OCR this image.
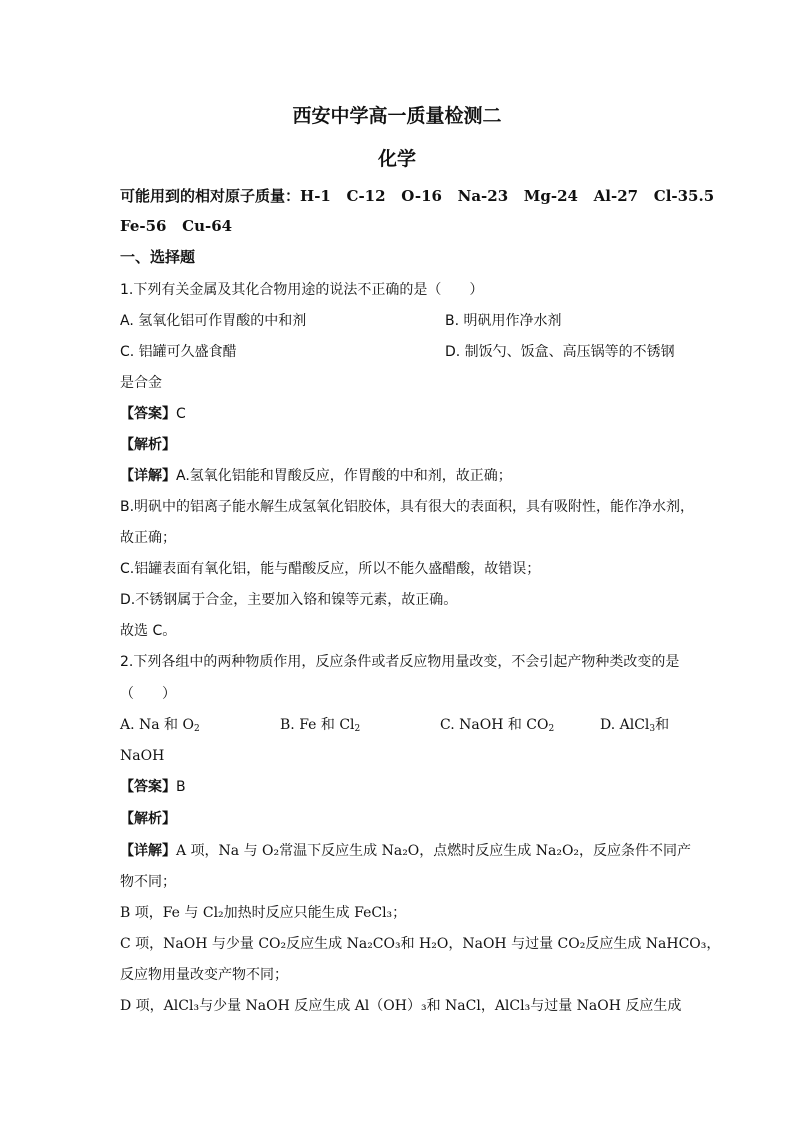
西安中学高一质量检测二
化学
可能用到的相对原子质量：H-1   C-12   O-16   Na-23   Mg-24   Al-27   Cl-35.5
Fe-56   Cu-64
一、选择题
1.下列有关金属及其化合物用途的说法不正确的是（　　）
A. 氢氧化铝可作胃酸的中和剂	B. 明矾用作净水剂
C. 铝罐可久盛食醋	D. 制饭勺、饭盒、高压锅等的不锈钢
是合金
【答案】C
【解析】
【详解】A.氢氧化铝能和胃酸反应，作胃酸的中和剂，故正确；
B.明矾中的铝离子能水解生成氢氧化铝胶体，具有很大的表面积，具有吸附性，能作净水剂，
故正确；
C.铝罐表面有氧化铝，能与醋酸反应，所以不能久盛醋酸，故错误；
D.不锈钢属于合金，主要加入铬和镍等元素，故正确。
故选 C。
2.下列各组中的两种物质作用，反应条件或者反应物用量改变，不会引起产物种类改变的是
（　　）
A. Na 和 $O_2$	B. Fe 和 $Cl_2$	C. NaOH 和 $CO_2$	D. AlCl$_3$和
NaOH
【答案】B
【解析】
【详解】A 项，Na 与 O₂常温下反应生成 Na₂O，点燃时反应生成 Na₂O₂，反应条件不同产
物不同；
B 项，Fe 与 Cl₂加热时反应只能生成 FeCl₃；
C 项，NaOH 与少量 CO₂反应生成 Na₂CO₃和 H₂O，NaOH 与过量 CO₂反应生成 NaHCO₃，
反应物用量改变产物不同；
D 项，AlCl₃与少量 NaOH 反应生成 Al（OH）₃和 NaCl，AlCl₃与过量 NaOH 反应生成
